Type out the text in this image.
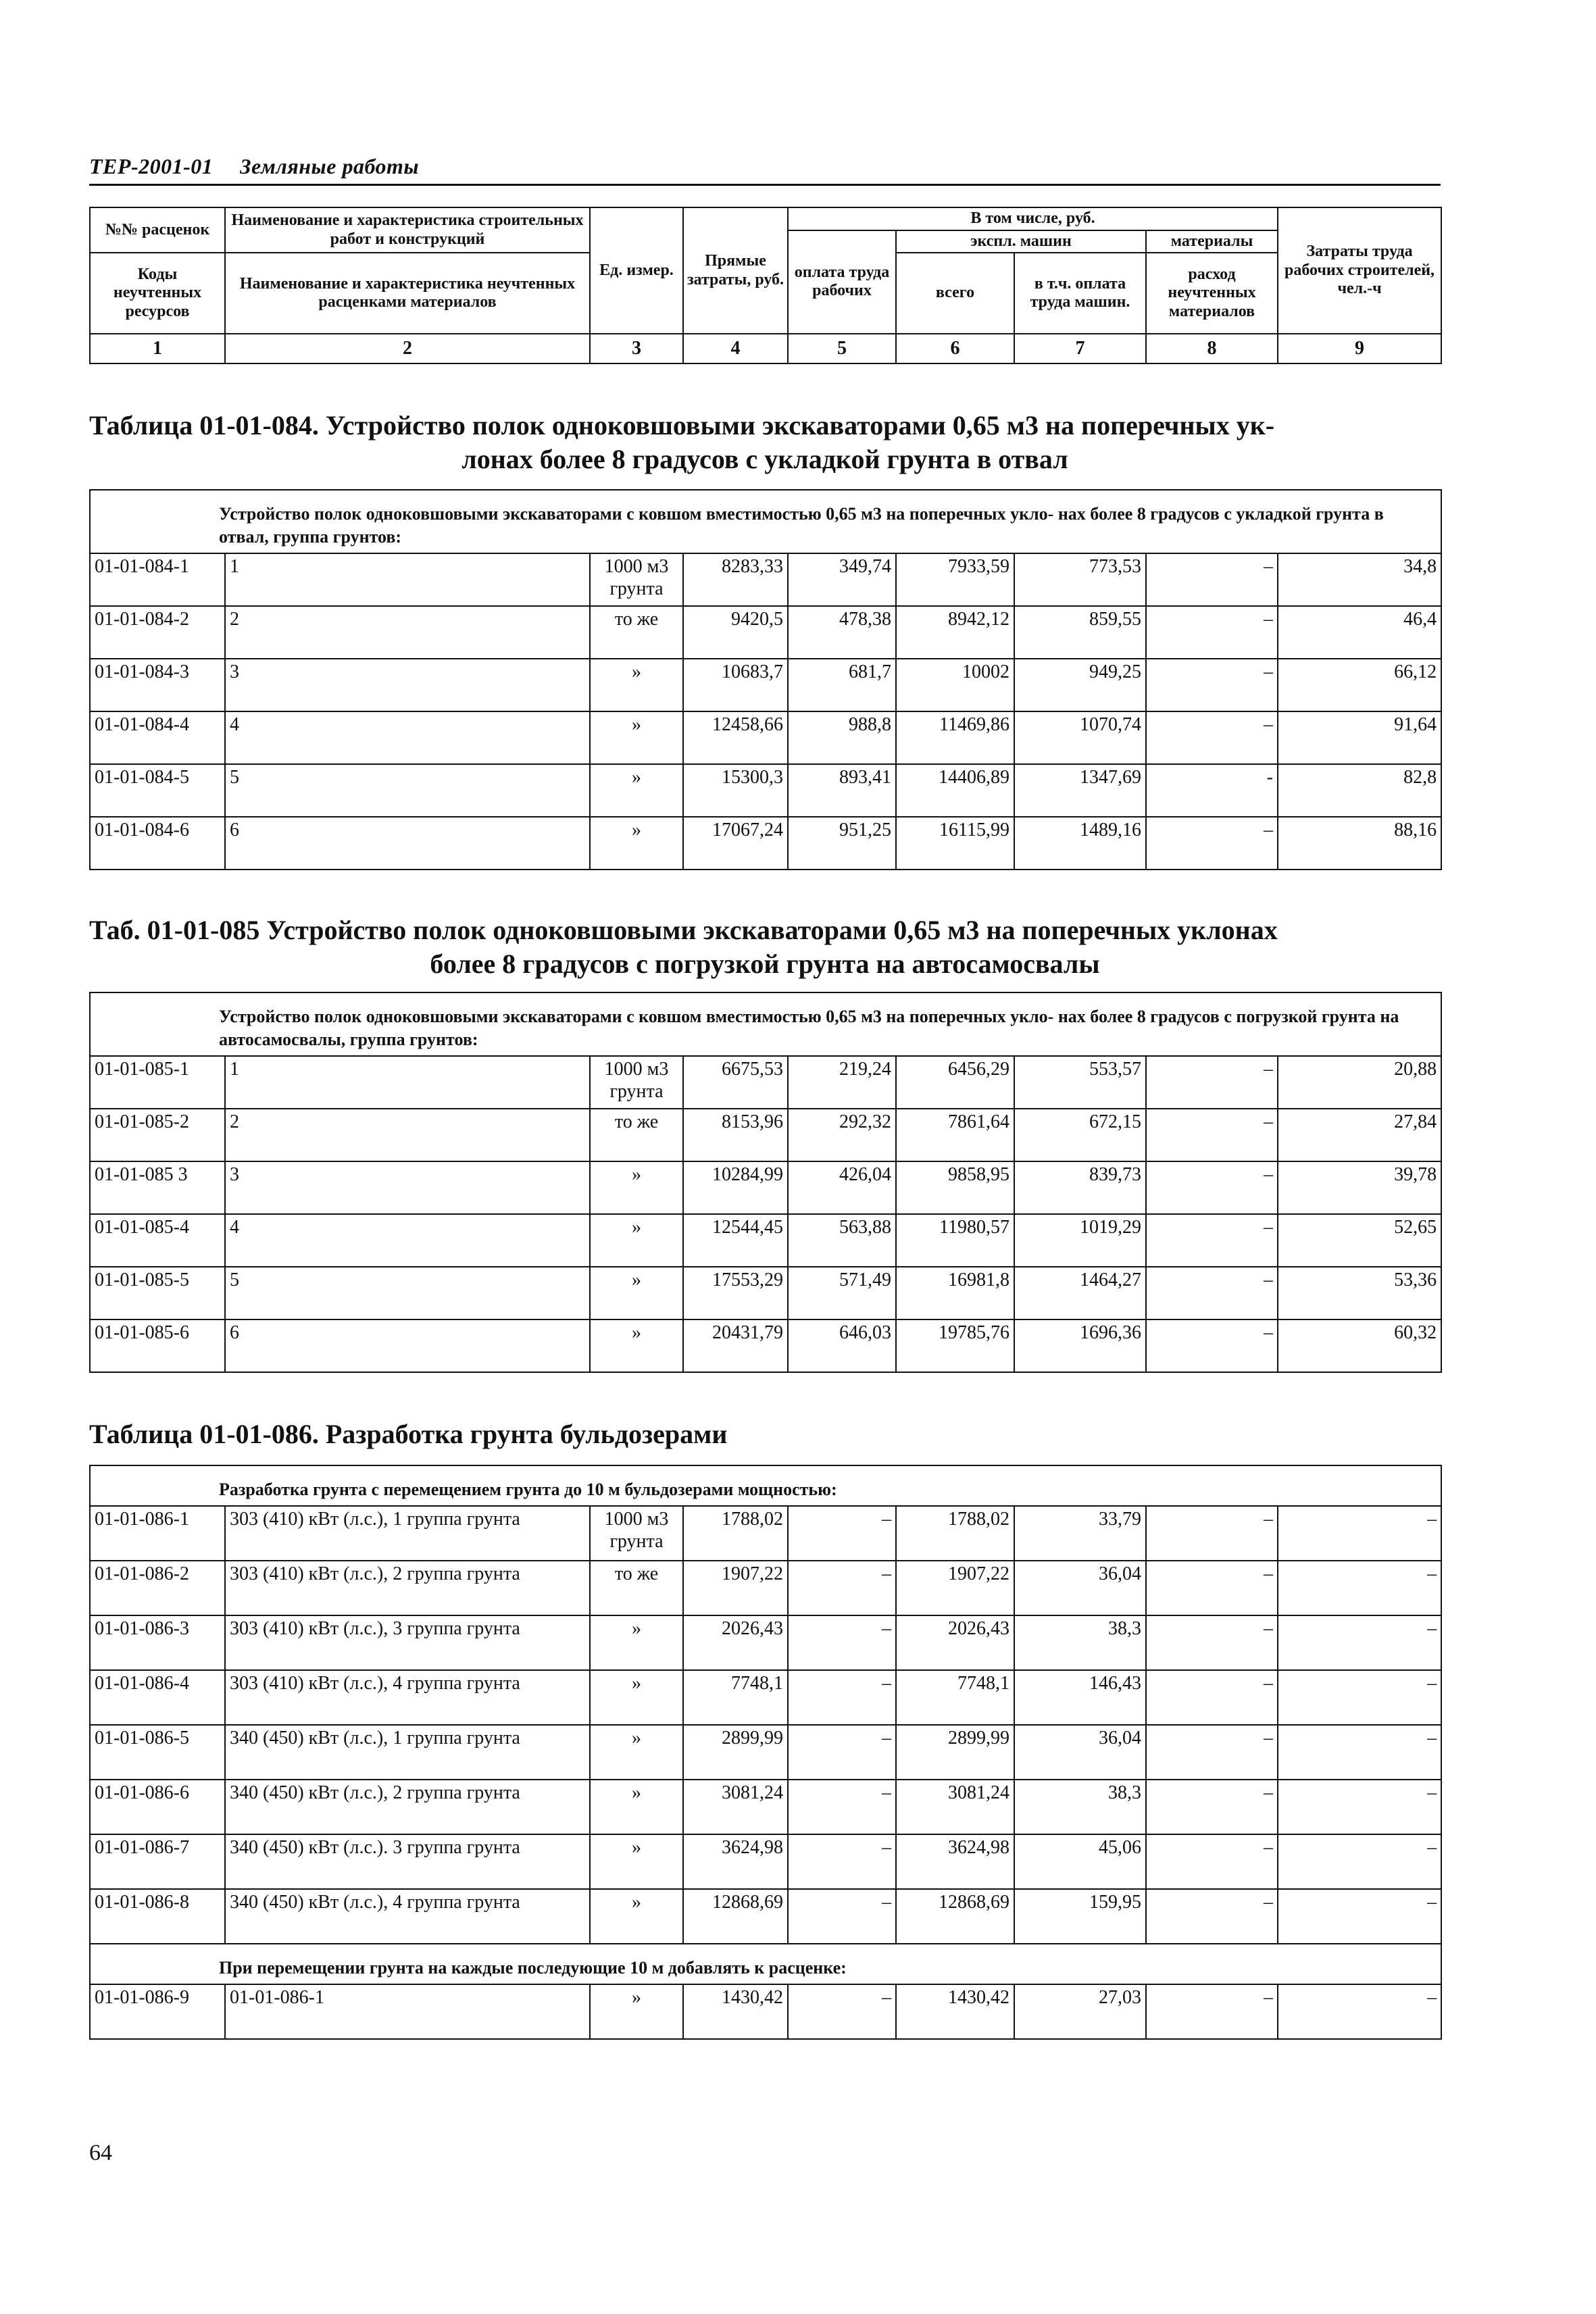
ТЕР-2001-01 Земляные работы
№№ расценок	Наименование и характеристика строительных работ и конструкций	Ед. измер.	Прямые затраты, руб.	В том числе, руб.				Затраты труда рабочих строителей, чел.-ч
				оплата труда рабочих	экспл. машин		материалы	
Коды неучтенных ресурсов	Наименование и характеристика неучтенных расценками материалов				всего	в т.ч. оплата труда машин.	расход неучтенных материалов	

1	2	3	4	5	6	7	8	9
Таблица 01-01-084. Устройство полок одноковшовыми экскаваторами 0,65 м3 на поперечных ук-
лонах более 8 градусов с укладкой грунта в отвал
Устройство полок одноковшовыми экскаваторами с ковшом вместимостью 0,65 м3 на поперечных укло- нах более 8 градусов с укладкой грунта в отвал, группа грунтов:								
01-01-084-1	1	1000 м3 грунта	8283,33	349,74	7933,59	773,53	–	34,8
01-01-084-2	2	то же	9420,5	478,38	8942,12	859,55	–	46,4
01-01-084-3	3	»	10683,7	681,7	10002	949,25	–	66,12
01-01-084-4	4	»	12458,66	988,8	11469,86	1070,74	–	91,64
01-01-084-5	5	»	15300,3	893,41	14406,89	1347,69	-	82,8
01-01-084-6	6	»	17067,24	951,25	16115,99	1489,16	–	88,16
Таб. 01-01-085 Устройство полок одноковшовыми экскаваторами 0,65 м3 на поперечных уклонах
более 8 градусов с погрузкой грунта на автосамосвалы
Устройство полок одноковшовыми экскаваторами с ковшом вместимостью 0,65 м3 на поперечных укло- нах более 8 градусов с погрузкой грунта на автосамосвалы, группа грунтов:								
01-01-085-1	1	1000 м3 грунта	6675,53	219,24	6456,29	553,57	–	20,88
01-01-085-2	2	то же	8153,96	292,32	7861,64	672,15	–	27,84
01-01-085 3	3	»	10284,99	426,04	9858,95	839,73	–	39,78
01-01-085-4	4	»	12544,45	563,88	11980,57	1019,29	–	52,65
01-01-085-5	5	»	17553,29	571,49	16981,8	1464,27	–	53,36
01-01-085-6	6	»	20431,79	646,03	19785,76	1696,36	–	60,32
Таблица 01-01-086. Разработка грунта бульдозерами
Разработка грунта с перемещением грунта до 10 м бульдозерами мощностью:								
01-01-086-1	303 (410) кВт (л.с.), 1 группа грунта	1000 м3 грунта	1788,02	–	1788,02	33,79	–	–
01-01-086-2	303 (410) кВт (л.с.), 2 группа грунта	то же	1907,22	–	1907,22	36,04	–	–
01-01-086-3	303 (410) кВт (л.с.), 3 группа грунта	»	2026,43	–	2026,43	38,3	–	–
01-01-086-4	303 (410) кВт (л.с.), 4 группа грунта	»	7748,1	–	7748,1	146,43	–	–
01-01-086-5	340 (450) кВт (л.с.), 1 группа грунта	»	2899,99	–	2899,99	36,04	–	–
01-01-086-6	340 (450) кВт (л.с.), 2 группа грунта	»	3081,24	–	3081,24	38,3	–	–
01-01-086-7	340 (450) кВт (л.с.). 3 группа грунта	»	3624,98	–	3624,98	45,06	–	–
01-01-086-8	340 (450) кВт (л.с.), 4 группа грунта	»	12868,69	–	12868,69	159,95	–	–
При перемещении грунта на каждые последующие 10 м добавлять к расценке:								
01-01-086-9	01-01-086-1	»	1430,42	–	1430,42	27,03	–	–
64
